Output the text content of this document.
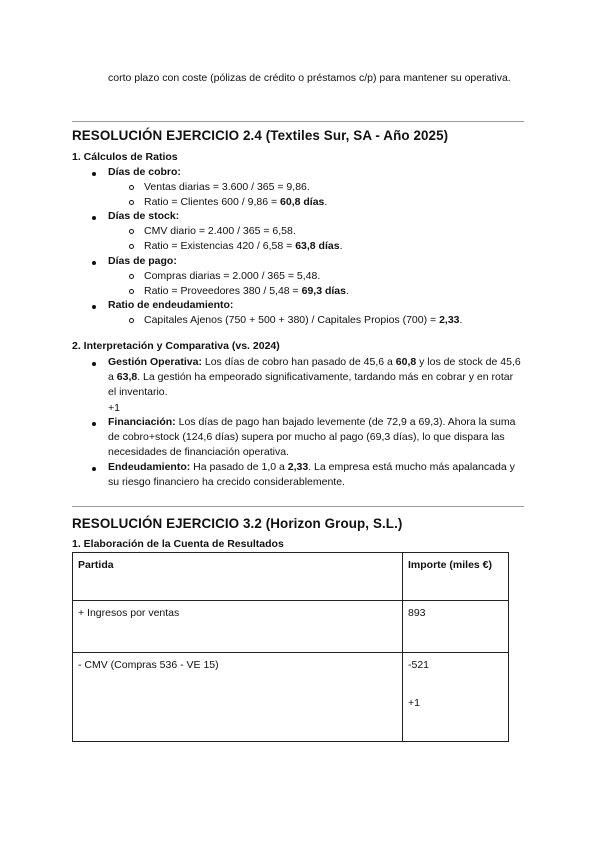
corto plazo con coste (pólizas de crédito o préstamos c/p) para mantener su operativa.
RESOLUCIÓN EJERCICIO 2.4 (Textiles Sur, SA - Año 2025)
1. Cálculos de Ratios
Días de cobro:
Ventas diarias = 3.600 / 365 = 9,86.
Ratio = Clientes 600 / 9,86 = 60,8 días.
Días de stock:
CMV diario = 2.400 / 365 = 6,58.
Ratio = Existencias 420 / 6,58 = 63,8 días.
Días de pago:
Compras diarias = 2.000 / 365 = 5,48.
Ratio = Proveedores 380 / 5,48 = 69,3 días.
Ratio de endeudamiento:
Capitales Ajenos (750 + 500 + 380) / Capitales Propios (700) = 2,33.
2. Interpretación y Comparativa (vs. 2024)
Gestión Operativa: Los días de cobro han pasado de 45,6 a 60,8 y los de stock de 45,6 a 63,8. La gestión ha empeorado significativamente, tardando más en cobrar y en rotar el inventario.
+1
Financiación: Los días de pago han bajado levemente (de 72,9 a 69,3). Ahora la suma de cobro+stock (124,6 días) supera por mucho al pago (69,3 días), lo que dispara las necesidades de financiación operativa.
Endeudamiento: Ha pasado de 1,0 a 2,33. La empresa está mucho más apalancada y su riesgo financiero ha crecido considerablemente.
RESOLUCIÓN EJERCICIO 3.2 (Horizon Group, S.L.)
1. Elaboración de la Cuenta de Resultados
Partida	Importe (miles €)
+ Ingresos por ventas	893
- CMV (Compras 536 - VE 15)	-521
+1
